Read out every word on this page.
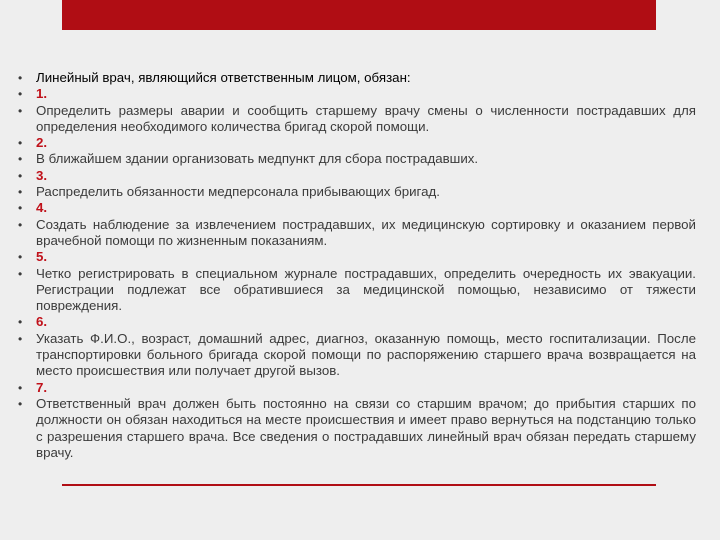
• Линейный врач, являющийся ответственным лицом, обязан:
• 1.
• Определить размеры аварии и сообщить старшему врачу смены о численности пострадавших для определения необходимого количества бригад скорой помощи.
• 2.
• В ближайшем здании организовать медпункт для сбора пострадавших.
• 3.
• Распределить обязанности медперсонала прибывающих бригад.
• 4.
• Создать наблюдение за извлечением пострадавших, их медицинскую сортировку и оказанием первой врачебной помощи по жизненным показаниям.
• 5.
• Четко регистрировать в специальном журнале пострадавших, определить очередность их эвакуации. Регистрации подлежат все обратившиеся за медицинской помощью, независимо от тяжести повреждения.
• 6.
• Указать Ф.И.О., возраст, домашний адрес, диагноз, оказанную помощь, место госпитализации. После транспортировки больного бригада скорой помощи по распоряжению старшего врача возвращается на место происшествия или получает другой вызов.
• 7.
• Ответственный врач должен быть постоянно на связи со старшим врачом; до прибытия старших по должности он обязан находиться на месте происшествия и имеет право вернуться на подстанцию только с разрешения старшего врача. Все сведения о пострадавших линейный врач обязан передать старшему врачу.
